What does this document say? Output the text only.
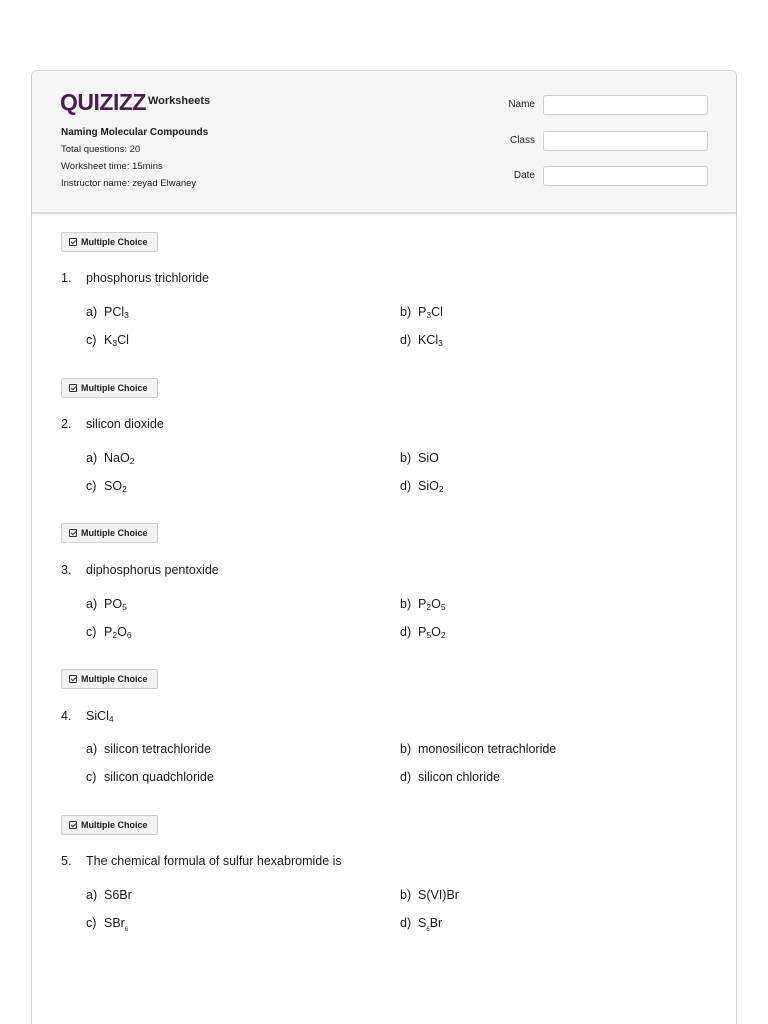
QUIZIZZ Worksheets
Naming Molecular Compounds
Total questions: 20
Worksheet time: 15mins
Instructor name: zeyad Elwaney
Name
Class
Date
Multiple Choice
1. phosphorus trichloride
a) PCl$_3$	b) $P_3Cl$
c) $K_3Cl$	d) KCl$_3$
Multiple Choice
2. silicon dioxide
a) NaO$_2$	b) SiO
c) $SO_2$	d) SiO$_2$
Multiple Choice
3. diphosphorus pentoxide
a) $PO_5$	b) $P_2O_5$
c) $P_2O_6$	d) $P_5O_2$
Multiple Choice
4. SiCl$_4$
a) silicon tetrachloride	b) monosilicon tetrachloride
c) silicon quadchloride	d) silicon chloride
Multiple Choice
5. The chemical formula of sulfur hexabromide is
a) S6Br	b) S(VI)Br
c) SBr$_6$	d) $S_6Br$
